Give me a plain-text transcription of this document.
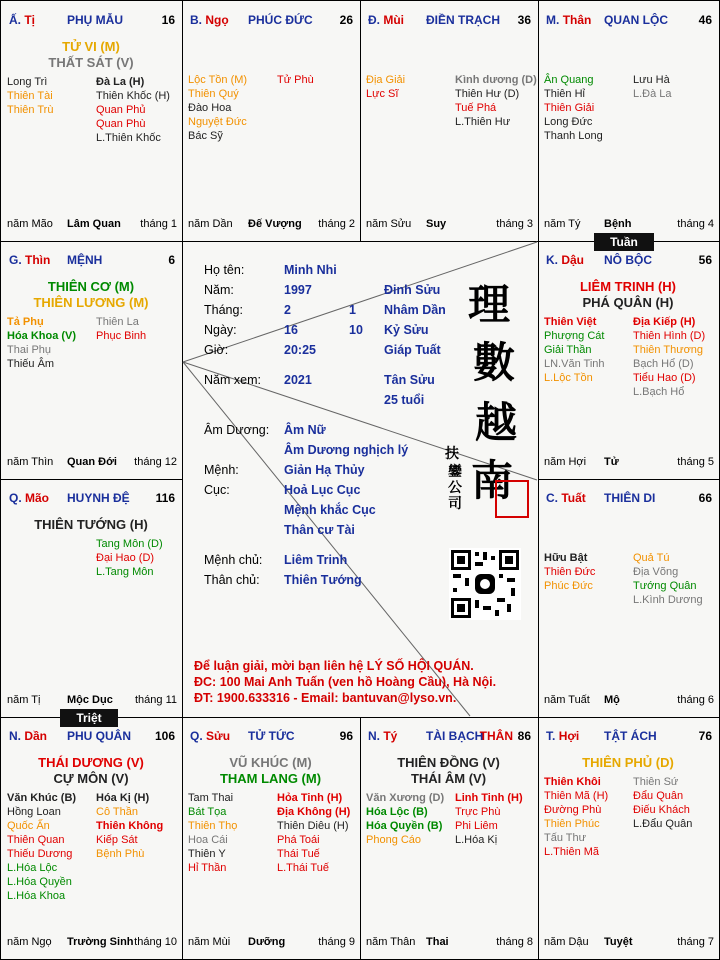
Ấ. Tị	PHỤ MẪU	16
TỬ VI (M)
THẤT SÁT (V)
Long Trì
Thiên Tài
Thiên Trù
Đà La (H)
Thiên Khốc (H)
Quan Phủ
Quan Phù
L.Thiên Khốc
năm Mão Lâm Quan tháng 1
B. Ngọ PHÚC ĐỨC 26
Lộc Tồn (M)
Thiên Quý
Đào Hoa
Nguyệt Đức
Bác Sỹ
Tử Phù
năm Dần Đế Vượng tháng 2
Đ. Mùi ĐIỀN TRẠCH 36
Địa Giải
Lực Sĩ
Kình dương (D)
Thiên Hư (D)
Tuế Phá
L.Thiên Hư
năm Sửu Suy	tháng 3
M. Thân QUAN LỘC	46
Ân Quang
Thiên Hỉ
Thiên Giải
Long Đức
Thanh Long
Lưu Hà
L.Đà La
năm Tý Bệnh	tháng 4
K. Dậu NÔ BỘC	56
LIÊM TRINH (H)
PHÁ QUÂN (H)
Thiên Việt
Phượng Cát
Giải Thần
LN.Văn Tinh
L.Lộc Tồn
Địa Kiếp (H)
Thiên Hình (D)
Thiên Thương
Bạch Hổ (D)
Tiểu Hao (D)
L.Bạch Hổ
năm Hợi Tử	tháng 5
C. Tuất THIÊN DI	66
Hữu Bật
Thiên Đức
Phúc Đức
Quả Tú
Địa Võng
Tướng Quân
L.Kình Dương
năm Tuất Mộ	tháng 6
T. Hợi TẬT ÁCH	76
THIÊN PHỦ (D)
Thiên Khôi
Thiên Mã (H)
Đường Phù
Thiên Phúc
Tấu Thư
L.Thiên Mã
Thiên Sứ
Đẩu Quân
Điếu Khách
L.Đẩu Quân
năm Dậu Tuyệt	tháng 7
N. Tý TÀI BẠCH
THÂN 86
THIÊN ĐỒNG (V)
THÁI ÂM (V)
Văn Xương (D)
Hóa Lộc (B)
Hóa Quyền (B)
Phong Cáo
Linh Tinh (H)
Trực Phù
Phi Liêm
L.Hóa Kị
năm Thân Thai	tháng 8
Q. Sửu TỬ TỨC	96
VŨ KHÚC (M)
THAM LANG (M)
Tam Thai
Bát Tọa
Thiên Thọ
Hoa Cái
Thiên Y
Hỉ Thần
Hỏa Tinh (H)
Địa Không (H)
Thiên Diêu (H)
Phá Toái
Thái Tuế
L.Thái Tuế
năm Mùi Dưỡng	tháng 9
N. Dần PHU QUÂN 106
THÁI DƯƠNG (V)
CỰ MÔN (V)
Văn Khúc (B)
Hồng Loan
Quốc Ấn
Thiên Quan
Thiếu Dương
L.Hóa Lộc
L.Hóa Quyền
L.Hóa Khoa
Hóa Kị (H)
Cô Thần
Thiên Không
Kiếp Sát
Bệnh Phù
năm Ngọ Trường Sinh tháng 10
Q. Mão HUYNH ĐỆ 116
THIÊN TƯỚNG (H)
Tang Môn (D)
Đại Hao (D)
L.Tang Môn
năm Tị Mộc Dục tháng 11
G. Thìn MỆNH	6
THIÊN CƠ (M)
THIÊN LƯƠNG (M)
Tả Phụ
Hóa Khoa (V)
Thai Phụ
Thiếu Âm
Thiên La
Phục Binh
năm Thìn Quan Đới tháng 12
Tuần
Triệt
Họ tên:	Minh Nhi
Năm:	1997	Đinh Sửu
Tháng:	2	1 Nhâm Dần
Ngày:	16	10 Kỷ Sửu
Giờ:	20:25	Giáp Tuất
Năm xem: 2021	Tân Sửu
25 tuổi
Âm Dương: Âm Nữ
Âm Dương nghịch lý
Mệnh:	Giản Hạ Thủy
Cục:	Hoả Lục Cục
Mệnh khắc Cục
Thân cư Tài
Mệnh chủ: Liêm Trinh
Thân chủ: Thiên Tướng
理
數
越
南
扶
鑾公司
Để luận giải, mời bạn liên hệ LÝ SỐ HỘI QUÁN.
ĐC: 100 Mai Anh Tuấn (ven hồ Hoàng Cầu), Hà Nội.
ĐT: 1900.633316 - Email: bantuvan@lyso.vn.
